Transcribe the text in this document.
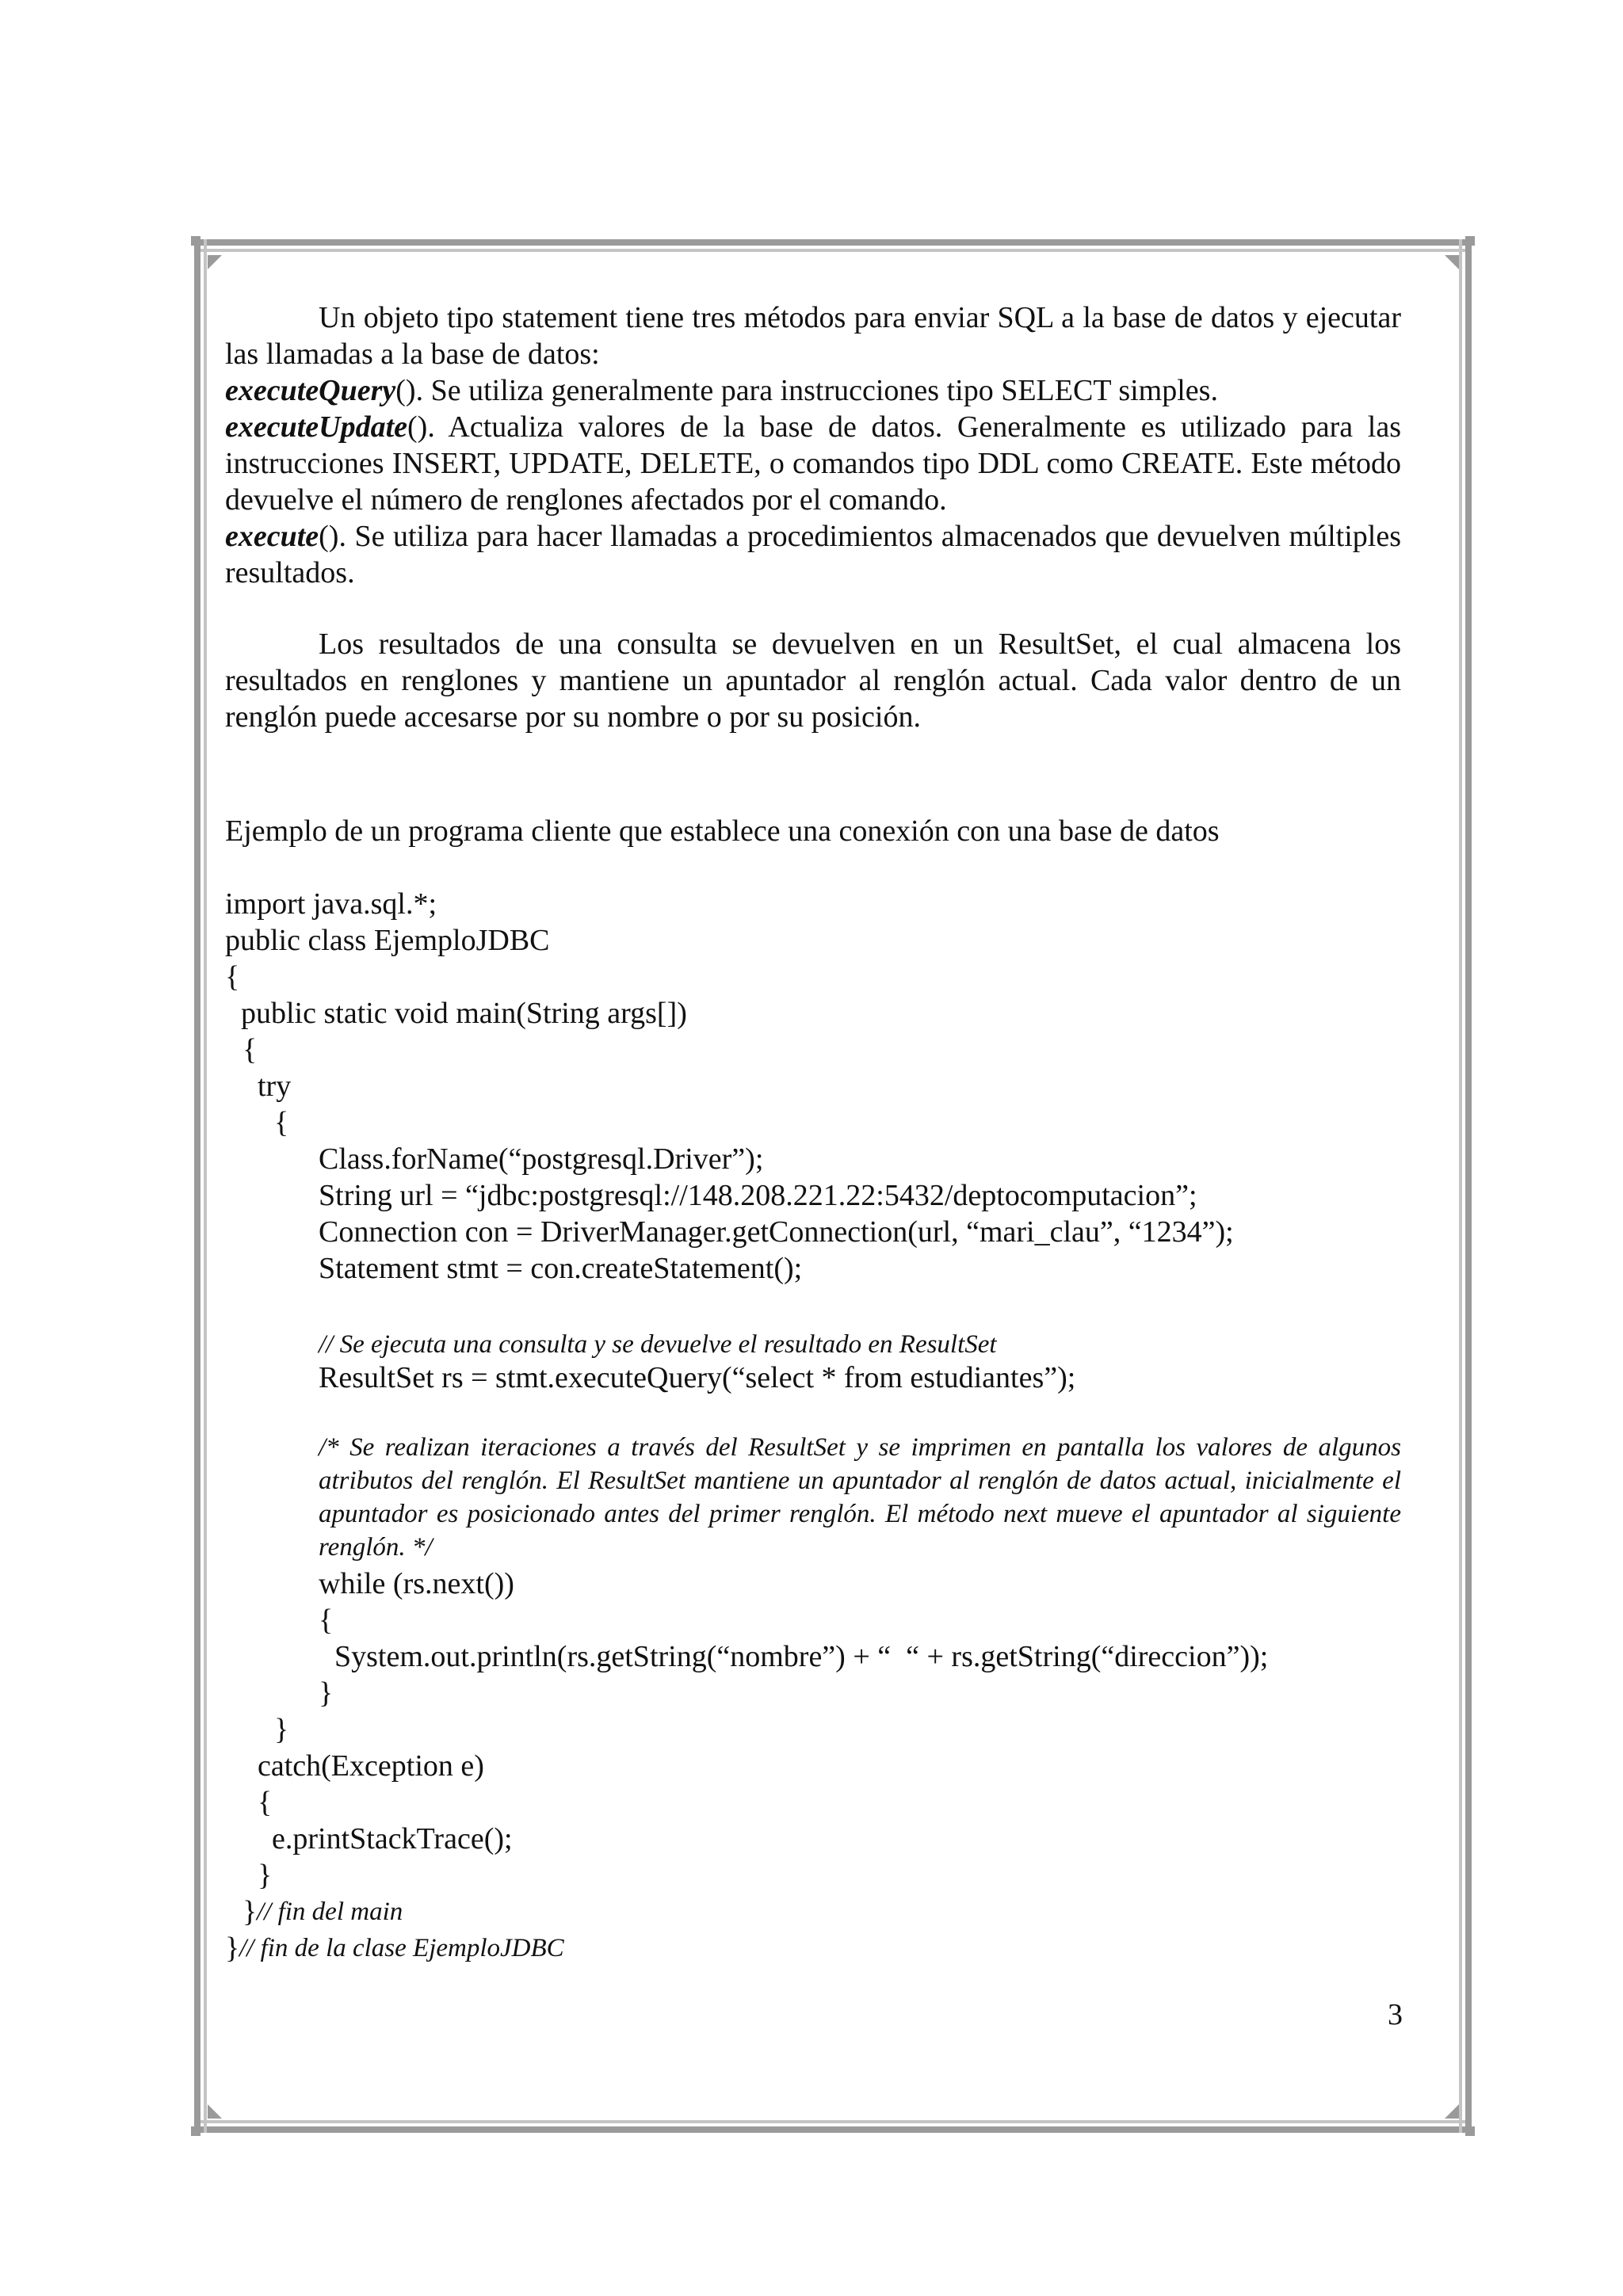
Un objeto tipo statement tiene tres métodos para enviar SQL a la base de datos y ejecutar las llamadas a la base de datos:

executeQuery(). Se utiliza generalmente para instrucciones tipo SELECT simples.

executeUpdate(). Actualiza valores de la base de datos. Generalmente es utilizado para las instrucciones INSERT, UPDATE, DELETE, o comandos tipo DDL como CREATE. Este método devuelve el número de renglones afectados por el comando.

execute(). Se utiliza para hacer llamadas a procedimientos almacenados que devuelven múltiples resultados.

Los resultados de una consulta se devuelven en un ResultSet, el cual almacena los resultados en renglones y mantiene un apuntador al renglón actual. Cada valor dentro de un renglón puede accesarse por su nombre o por su posición.

Ejemplo de un programa cliente que establece una conexión con una base de datos
import java.sql.*;
public class EjemploJDBC
{
public static void main(String args[])
{
try
{
Class.forName(“postgresql.Driver”);
String url = “jdbc:postgresql://148.208.221.22:5432/deptocomputacion”;
Connection con = DriverManager.getConnection(url, “mari_clau”, “1234”);
Statement stmt = con.createStatement();
// Se ejecuta una consulta y se devuelve el resultado en ResultSet
ResultSet rs = stmt.executeQuery(“select * from estudiantes”);
/* Se realizan iteraciones a través del ResultSet y se imprimen en pantalla los valores de algunos atributos del renglón. El ResultSet mantiene un apuntador al renglón de datos actual, inicialmente el apuntador es posicionado antes del primer renglón. El método next mueve el apuntador al siguiente renglón. */
while (rs.next())
{
System.out.println(rs.getString(“nombre”) + “  “ + rs.getString(“direccion”));
}
}
catch(Exception e)
{
e.printStackTrace();
}
} // fin del main
} // fin de la clase EjemploJDBC
3
